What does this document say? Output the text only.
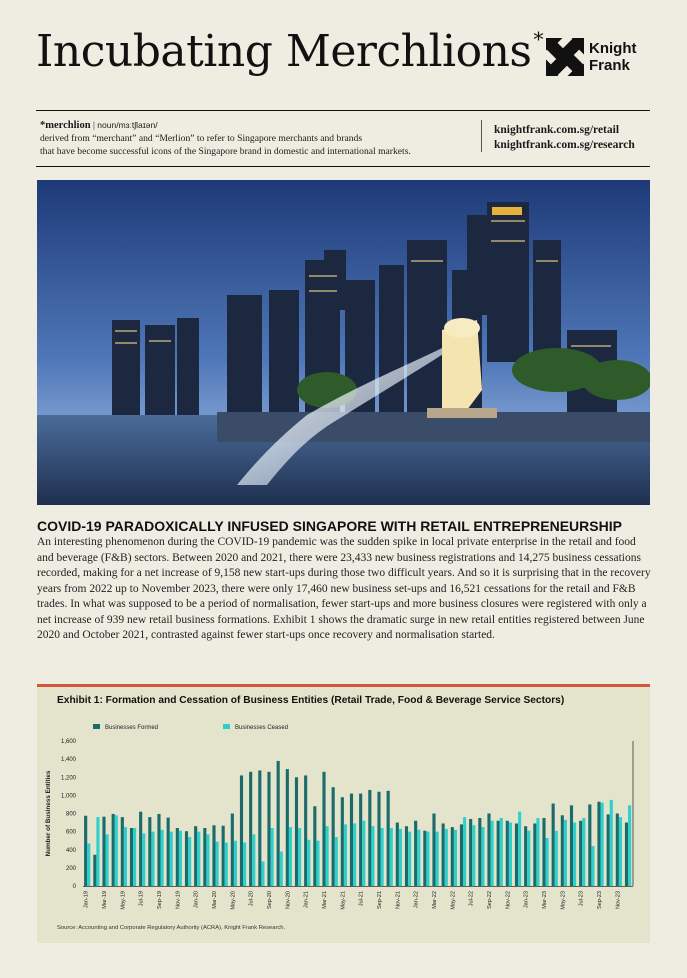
Incubating Merchlions *	Knight
Frank
*merchlion | noun/mɜːtʃlaɪən/
derived from “merchant” and “Merlion” to refer to Singapore merchants and brands
that have become successful icons of the Singapore brand in domestic and international markets.
knightfrank.com.sg/retail
knightfrank.com.sg/research
COVID-19 PARADOXICALLY INFUSED SINGAPORE WITH RETAIL ENTREPRENEURSHIP
An interesting phenomenon during the COVID-19 pandemic was the sudden spike in local private enterprise in the retail and food and beverage (F&B) sectors. Between 2020 and 2021, there were 23,433 new business registrations and 14,275 business cessations recorded, making for a net increase of 9,158 new start-ups during those two difficult years. And so it is surprising that in the recovery years from 2022 up to November 2023, there were only 17,460 new business set-ups and 16,521 cessations for the retail and F&B trades. In what was supposed to be a period of normalisation, fewer start-ups and more business closures were registered with only a net increase of 939 new retail business formations. Exhibit 1 shows the dramatic surge in new retail entities registered between June 2020 and October 2021, contrasted against fewer start-ups once recovery and normalisation started.
Exhibit 1: Formation and Cessation of Business Entities (Retail Trade, Food & Beverage Service Sectors)
Businesses Formed	Businesses Ceased
0
200
400
600
800
1,000
1,200
1,400
1,600
Number of Business Entities
Jan-19 Mar-19 May-19 Jul-19 Sep-19 Nov-19 Jan-20 Mar-20 May-20 Jul-20 Sep-20 Nov-20 Jan-21 Mar-21 May-21 Jul-21 Sep-21 Nov-21 Jan-22 Mar-22 May-22 Jul-22 Sep-22 Nov-22 Jan-23 Mar-23 May-23 Jul-23 Sep-23 Nov-23
Source: Accounting and Corporate Regulatory Authority (ACRA), Knight Frank Research.
